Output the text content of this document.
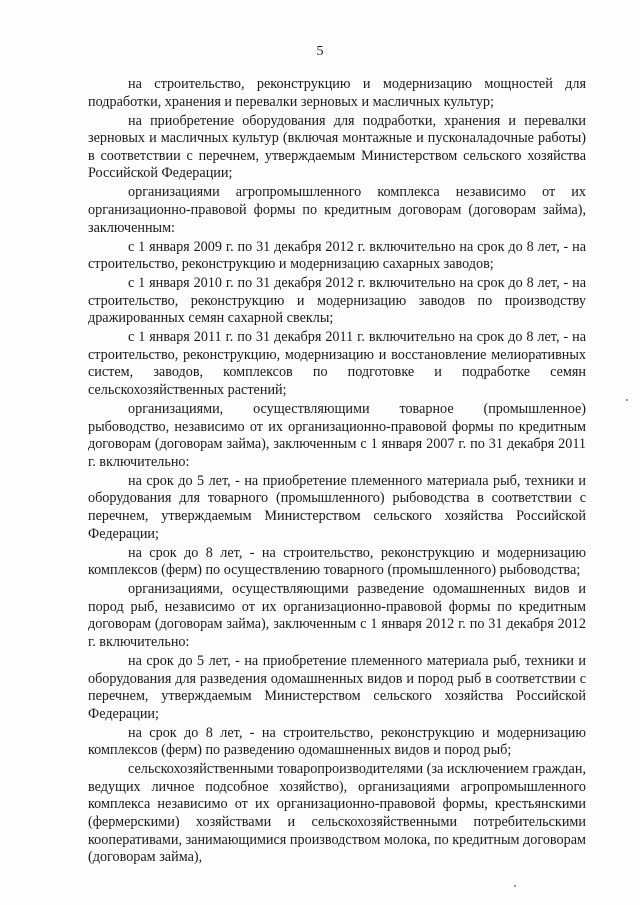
5

на строительство, реконструкцию и модернизацию мощностей для подработки, хранения и перевалки зерновых и масличных культур;

на приобретение оборудования для подработки, хранения и перевалки зерновых и масличных культур (включая монтажные и пусконаладочные работы) в соответствии с перечнем, утверждаемым Министерством сельского хозяйства Российской Федерации;

организациями агропромышленного комплекса независимо от их организационно-правовой формы по кредитным договорам (договорам займа), заключенным:

с 1 января 2009 г. по 31 декабря 2012 г. включительно на срок до 8 лет, - на строительство, реконструкцию и модернизацию сахарных заводов;

с 1 января 2010 г. по 31 декабря 2012 г. включительно на срок до 8 лет, - на строительство, реконструкцию и модернизацию заводов по производству дражированных семян сахарной свеклы;

с 1 января 2011 г. по 31 декабря 2011 г. включительно на срок до 8 лет, - на строительство, реконструкцию, модернизацию и восстановление мелиоративных систем, заводов, комплексов по подготовке и подработке семян сельскохозяйственных растений;

организациями, осуществляющими товарное (промышленное) рыбоводство, независимо от их организационно-правовой формы по кредитным договорам (договорам займа), заключенным с 1 января 2007 г. по 31 декабря 2011 г. включительно:

на срок до 5 лет, - на приобретение племенного материала рыб, техники и оборудования для товарного (промышленного) рыбоводства в соответствии с перечнем, утверждаемым Министерством сельского хозяйства Российской Федерации;

на срок до 8 лет, - на строительство, реконструкцию и модернизацию комплексов (ферм) по осуществлению товарного (промышленного) рыбоводства;

организациями, осуществляющими разведение одомашненных видов и пород рыб, независимо от их организационно-правовой формы по кредитным договорам (договорам займа), заключенным с 1 января 2012 г. по 31 декабря 2012 г. включительно:

на срок до 5 лет, - на приобретение племенного материала рыб, техники и оборудования для разведения одомашненных видов и пород рыб в соответствии с перечнем, утверждаемым Министерством сельского хозяйства Российской Федерации;

на срок до 8 лет, - на строительство, реконструкцию и модернизацию комплексов (ферм) по разведению одомашненных видов и пород рыб;

сельскохозяйственными товаропроизводителями (за исключением граждан, ведущих личное подсобное хозяйство), организациями агропромышленного комплекса независимо от их организационно-правовой формы, крестьянскими (фермерскими) хозяйствами и сельскохозяйственными потребительскими кооперативами, занимающимися производством молока, по кредитным договорам (договорам займа),
